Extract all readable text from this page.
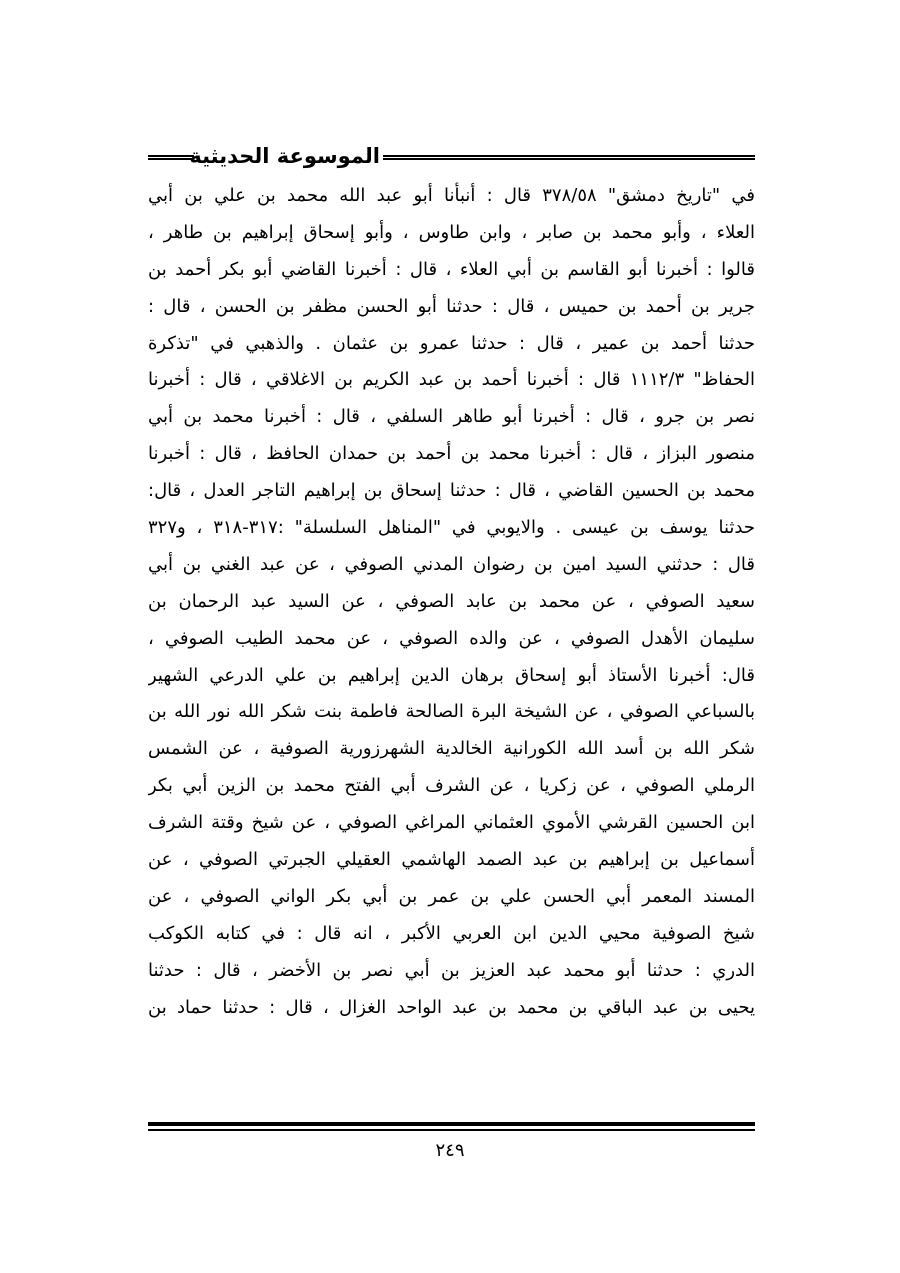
الموسوعة الحديثية
في "تاريخ دمشق" ٣٧٨/٥٨ قال : أنبأنا أبو عبد الله محمد بن علي بن أبي
العلاء ، وأبو محمد بن صابر ، وابن طاوس ، وأبو إسحاق إبراهيم بن طاهر ،
قالوا : أخبرنا أبو القاسم بن أبي العلاء ، قال : أخبرنا القاضي أبو بكر أحمد بن
جرير بن أحمد بن حميس ، قال : حدثنا أبو الحسن مظفر بن الحسن ، قال :
حدثنا أحمد بن عمير ، قال : حدثنا عمرو بن عثمان . والذهبي في "تذكرة
الحفاظ" ١١١٢/٣ قال : أخبرنا أحمد بن عبد الكريم بن الاغلاقي ، قال : أخبرنا
نصر بن جرو ، قال : أخبرنا أبو طاهر السلفي ، قال : أخبرنا محمد بن أبي
منصور البزاز ، قال : أخبرنا محمد بن أحمد بن حمدان الحافظ ، قال : أخبرنا
محمد بن الحسين القاضي ، قال : حدثنا إسحاق بن إبراهيم التاجر العدل ، قال:
حدثنا يوسف بن عيسى . والايوبي في "المناهل السلسلة" :٣١٧-٣١٨ ، و٣٢٧
قال : حدثني السيد امين بن رضوان المدني الصوفي ، عن عبد الغني بن أبي
سعيد الصوفي ، عن محمد بن عابد الصوفي ، عن السيد عبد الرحمان بن
سليمان الأهدل الصوفي ، عن والده الصوفي ، عن محمد الطيب الصوفي ،
قال: أخبرنا الأستاذ أبو إسحاق برهان الدين إبراهيم بن علي الدرعي الشهير
بالسباعي الصوفي ، عن الشيخة البرة الصالحة فاطمة بنت شكر الله نور الله بن
شكر الله بن أسد الله الكورانية الخالدية الشهرزورية الصوفية ، عن الشمس
الرملي الصوفي ، عن زكريا ، عن الشرف أبي الفتح محمد بن الزين أبي بكر
ابن الحسين القرشي الأموي العثماني المراغي الصوفي ، عن شيخ وقتة الشرف
أسماعيل بن إبراهيم بن عبد الصمد الهاشمي العقيلي الجبرتي الصوفي ، عن
المسند المعمر أبي الحسن علي بن عمر بن أبي بكر الواني الصوفي ، عن
شيخ الصوفية محيي الدين ابن العربي الأكبر ، انه قال : في كتابه الكوكب
الدري : حدثنا أبو محمد عبد العزيز بن أبي نصر بن الأخضر ، قال : حدثنا
يحيى بن عبد الباقي بن محمد بن عبد الواحد الغزال ، قال : حدثنا حماد بن
٢٤٩
